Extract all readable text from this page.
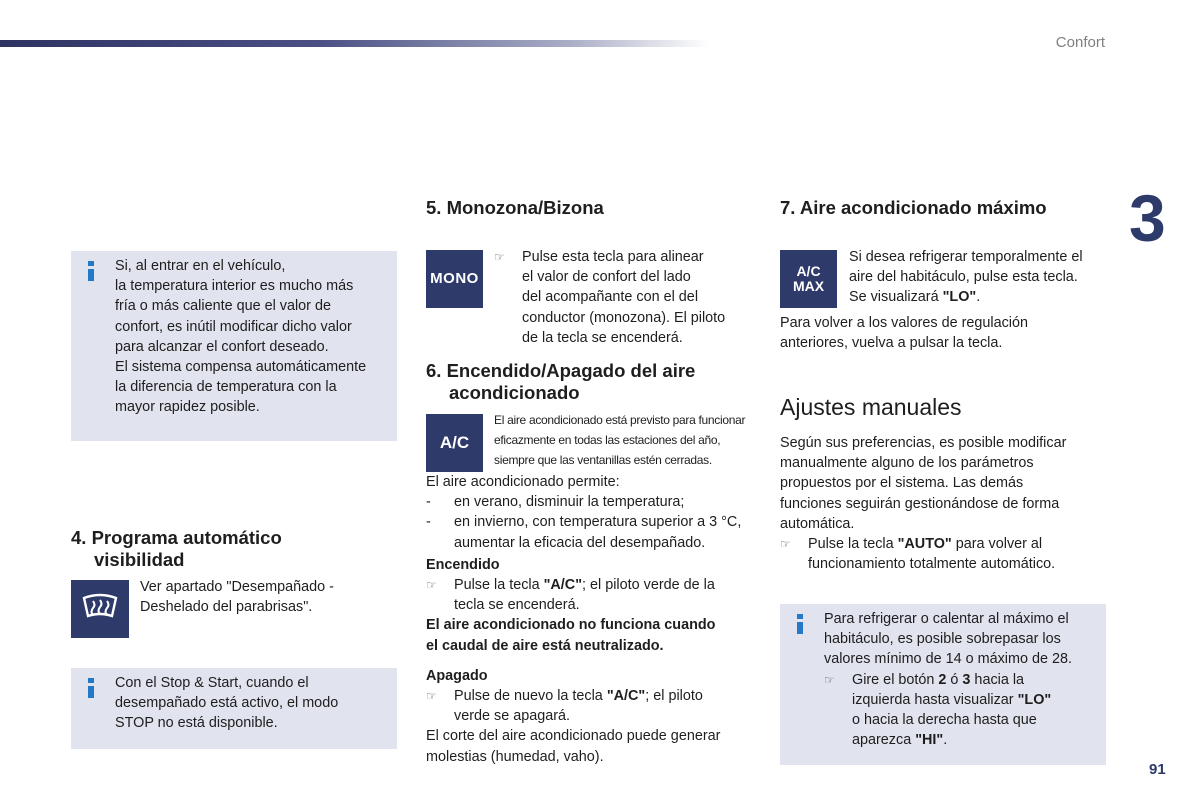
Confort
3
91

Si, al entrar en el vehículo,

la temperatura interior es mucho más

fría o más caliente que el valor de

confort, es inútil modificar dicho valor

para alcanzar el confort deseado.

El sistema compensa automáticamente

la diferencia de temperatura con la

mayor rapidez posible.

4. Programa automático
visibilidad

Ver apartado "Desempañado -

Deshelado del parabrisas".

Con el Stop & Start, cuando el

desempañado está activo, el modo

STOP no está disponible.

5. Monozona/Bizona
MONO
☞ Pulse esta tecla para alinear

el valor de confort del lado

del acompañante con el del

conductor (monozona). El piloto

de la tecla se encenderá.

6. Encendido/Apagado del aire
acondicionado
A/C

El aire acondicionado está previsto para funcionar

eficazmente en todas las estaciones del año,

siempre que las ventanillas estén cerradas.

El aire acondicionado permite:

- en verano, disminuir la temperatura;

- en invierno, con temperatura superior a 3 °C,

aumentar la eficacia del desempañado.

Encendido

☞ Pulse la tecla "A/C"; el piloto verde de la

tecla se encenderá.

El aire acondicionado no funciona cuando

el caudal de aire está neutralizado.

Apagado

☞ Pulse de nuevo la tecla "A/C"; el piloto

verde se apagará.

El corte del aire acondicionado puede generar

molestias (humedad, vaho).

7. Aire acondicionado máximo
A/C
MAX

Si desea refrigerar temporalmente el

aire del habitáculo, pulse esta tecla.

Se visualizará "LO".

Para volver a los valores de regulación

anteriores, vuelva a pulsar la tecla.

Ajustes manuales

Según sus preferencias, es posible modificar

manualmente alguno de los parámetros

propuestos por el sistema. Las demás

funciones seguirán gestionándose de forma

automática.

☞ Pulse la tecla "AUTO" para volver al

funcionamiento totalmente automático.

Para refrigerar o calentar al máximo el

habitáculo, es posible sobrepasar los

valores mínimo de 14 o máximo de 28.

☞ Gire el botón 2 ó 3 hacia la

izquierda hasta visualizar "LO"

o hacia la derecha hasta que

aparezca "HI".
